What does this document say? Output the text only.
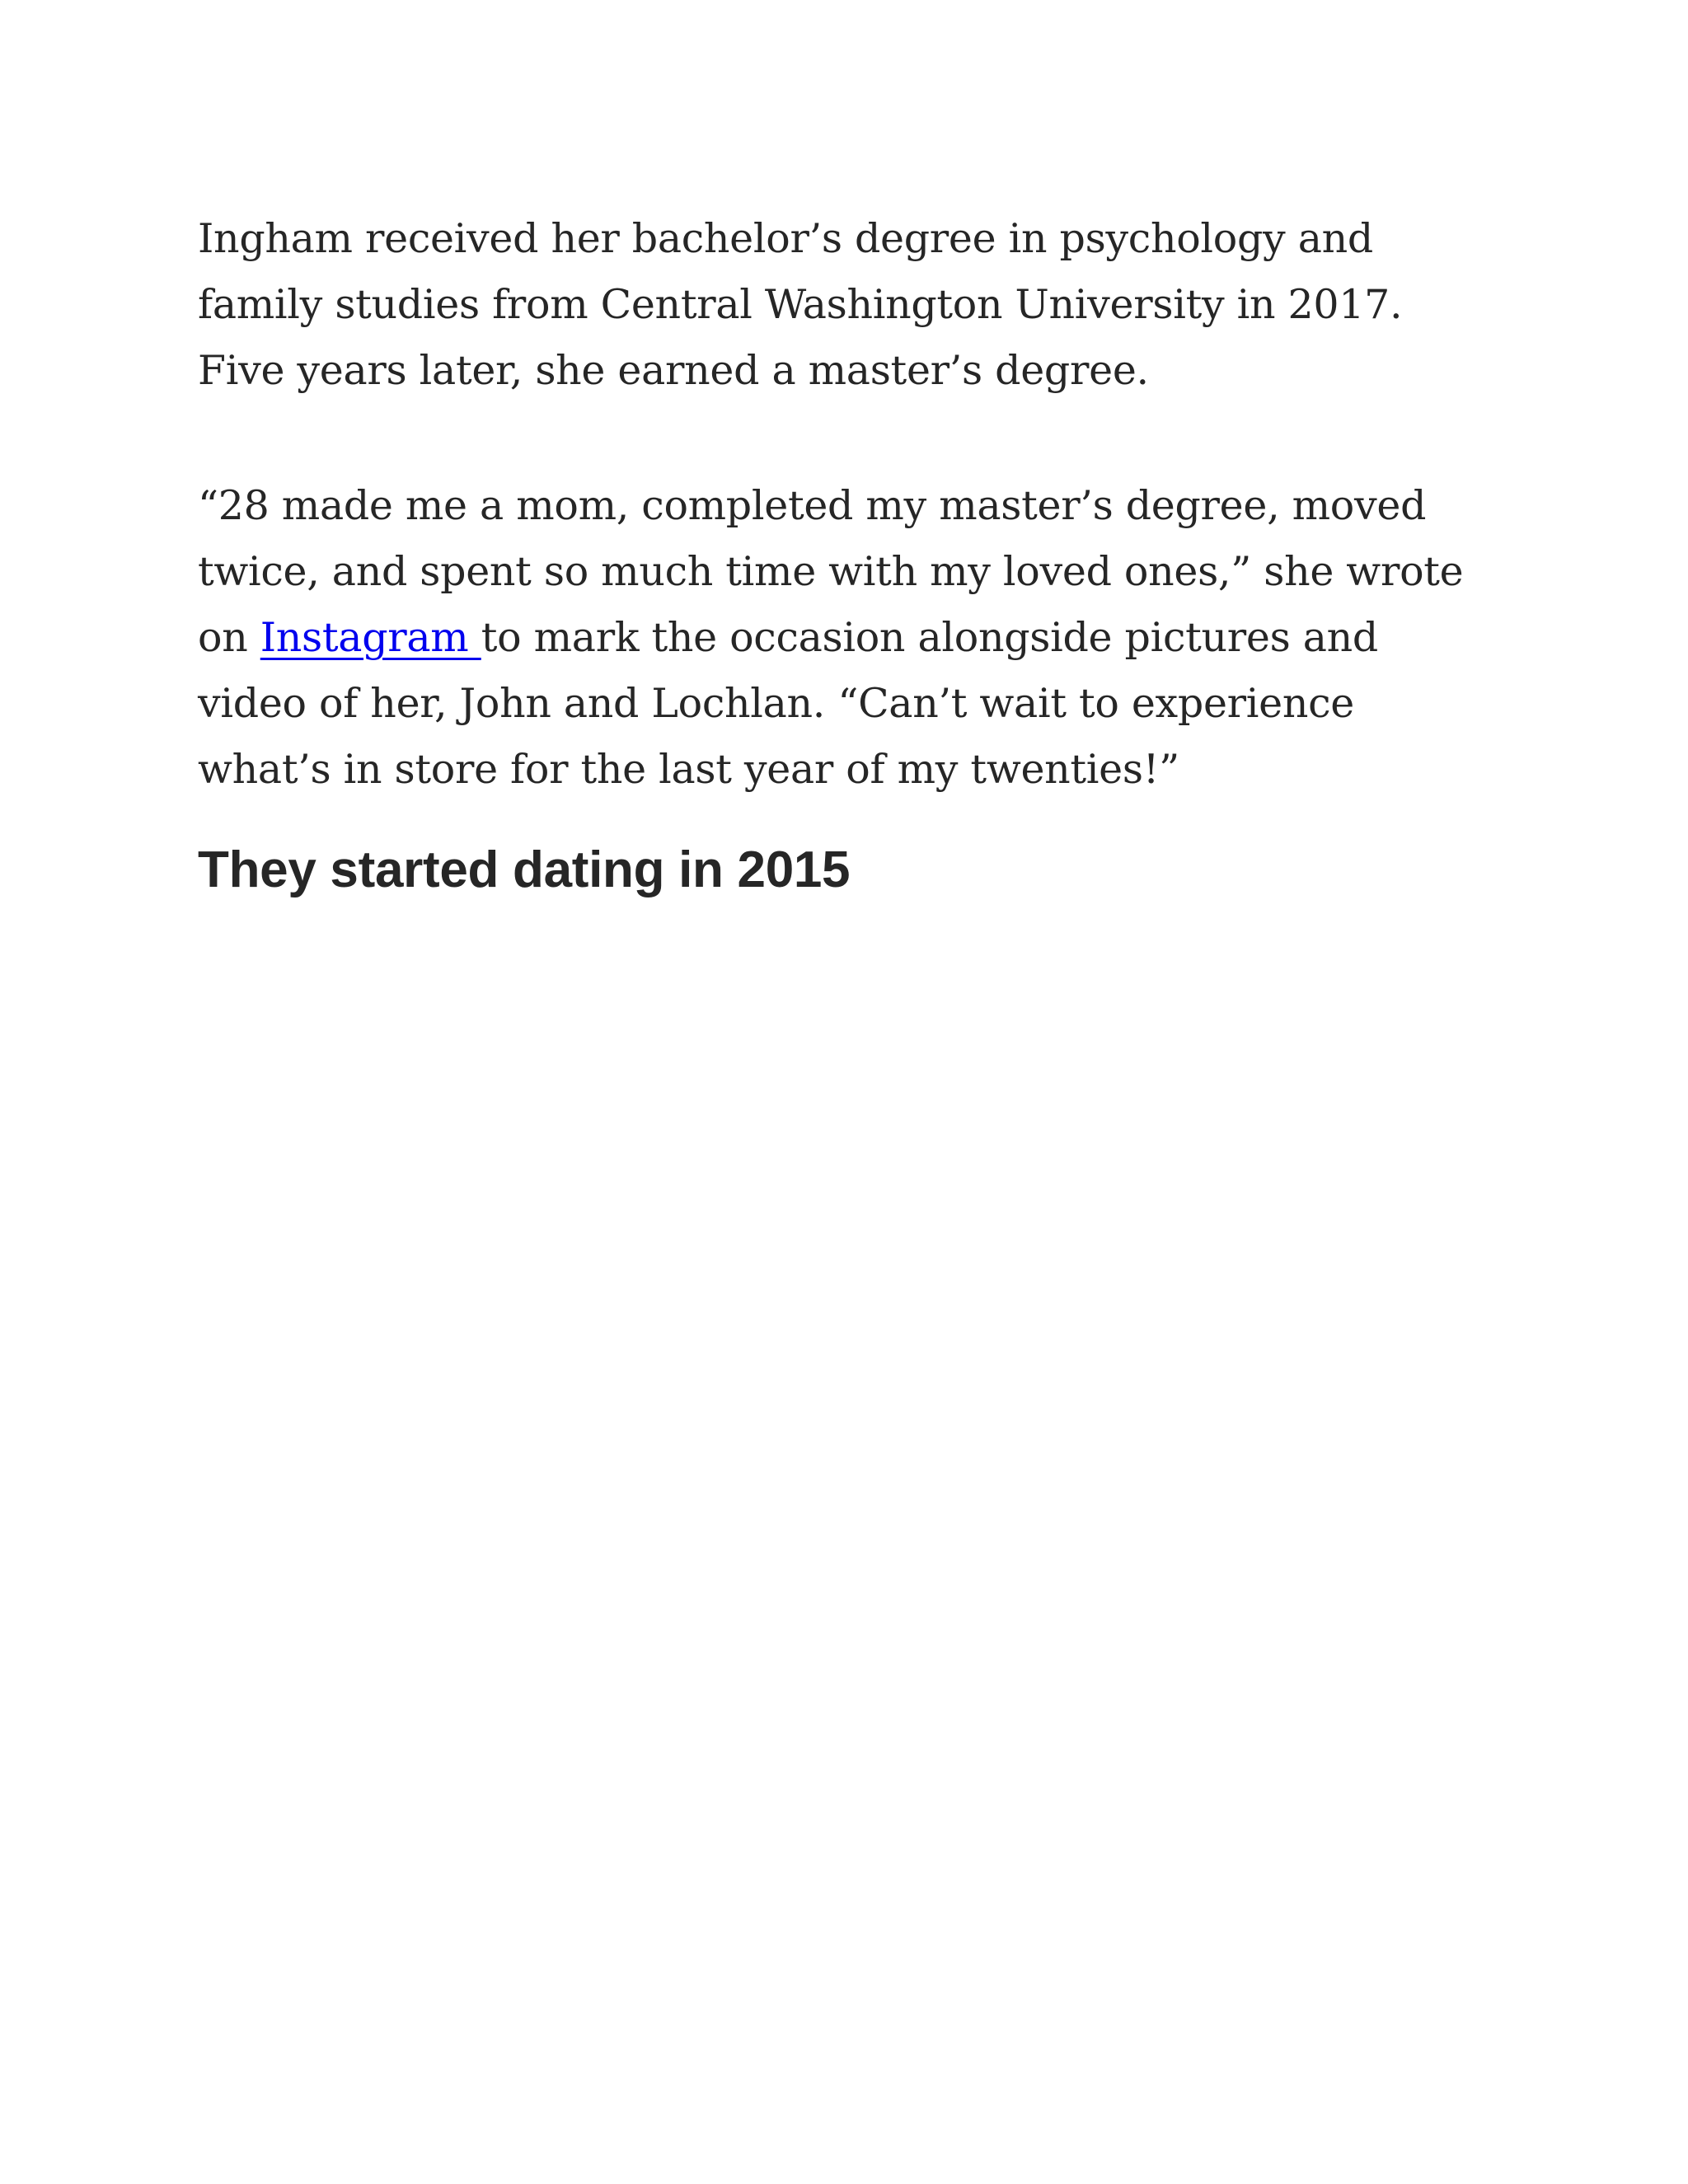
Ingham received her bachelor’s degree in psychology and family studies from Central Washington University in 2017. Five years later, she earned a master’s degree.

“28 made me a mom, completed my master’s degree, moved twice, and spent so much time with my loved ones,” she wrote on Instagram to mark the occasion alongside pictures and video of her, John and Lochlan. “Can’t wait to experience what’s in store for the last year of my twenties!”

They started dating in 2015
